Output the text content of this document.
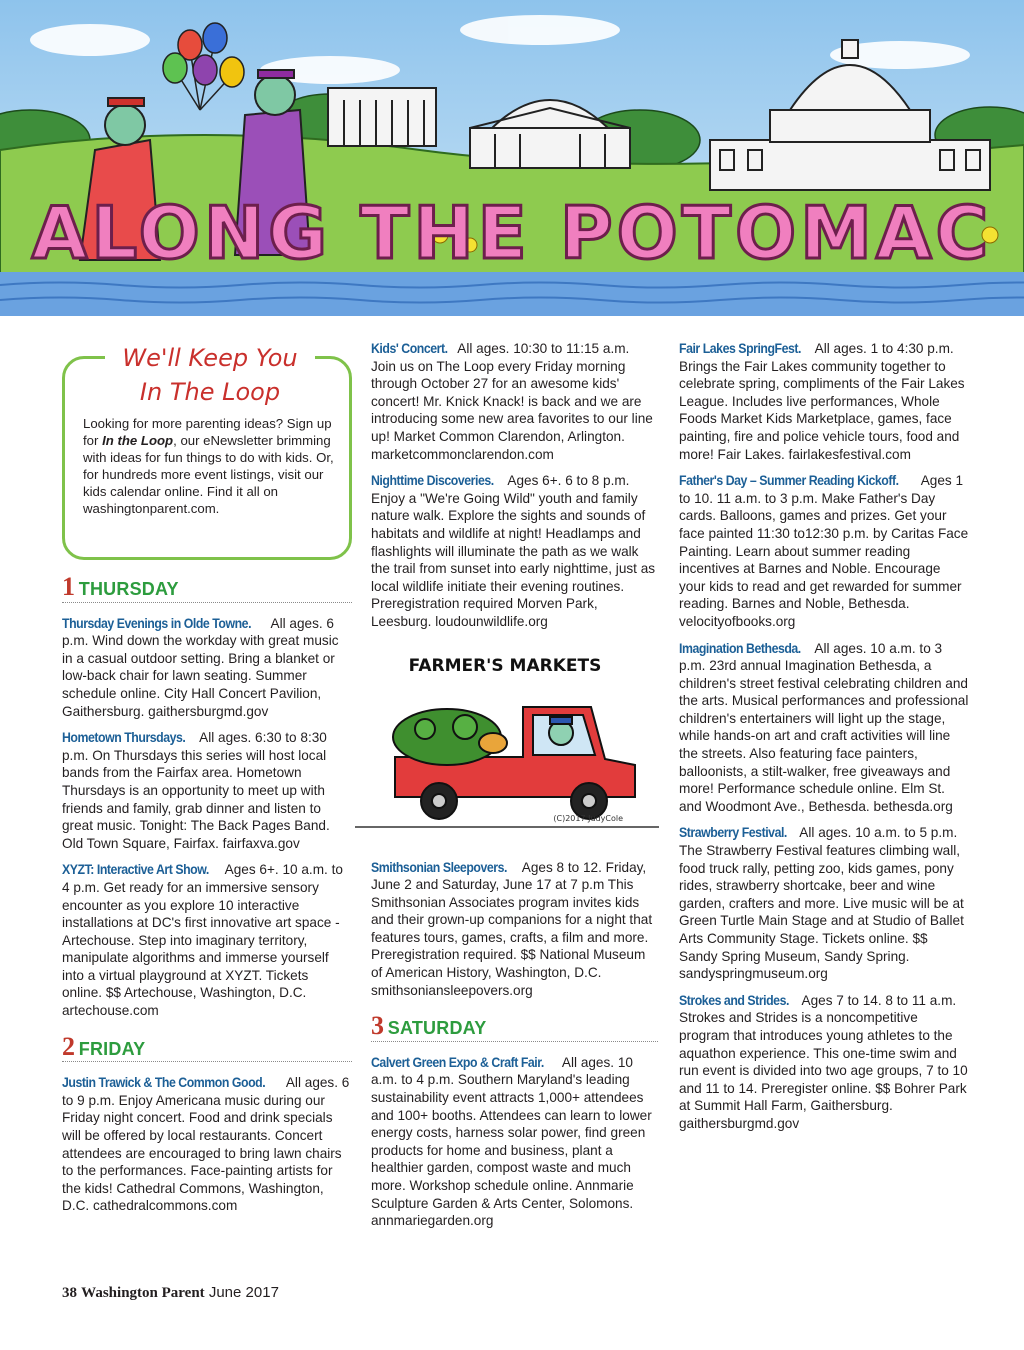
ALONG THE POTOMAC
We'll Keep You
In The Loop
Looking for more parenting ideas? Sign up for In the Loop, our eNewsletter brimming with ideas for fun things to do with kids. Or, for hundreds more event listings, visit our kids calendar online. Find it all on washingtonparent.com.
1 THURSDAY
Thursday Evenings in Olde Towne. All ages. 6 p.m. Wind down the workday with great music in a casual outdoor setting. Bring a blanket or low-back chair for lawn seating. Summer schedule online. City Hall Concert Pavilion, Gaithersburg. gaithersburgmd.gov
Hometown Thursdays. All ages. 6:30 to 8:30 p.m. On Thursdays this series will host local bands from the Fairfax area. Hometown Thursdays is an opportunity to meet up with friends and family, grab dinner and listen to great music. Tonight: The Back Pages Band. Old Town Square, Fairfax. fairfaxva.gov
XYZT: Interactive Art Show. Ages 6+. 10 a.m. to 4 p.m. Get ready for an immersive sensory encounter as you explore 10 interactive installations at DC's first innovative art space - Artechouse. Step into imaginary territory, manipulate algorithms and immerse yourself into a virtual playground at XYZT. Tickets online. $$ Artechouse, Washington, D.C. artechouse.com
2 FRIDAY
Justin Trawick & The Common Good. All ages. 6 to 9 p.m. Enjoy Americana music during our Friday night concert. Food and drink specials will be offered by local restaurants. Concert attendees are encouraged to bring lawn chairs to the performances. Face-painting artists for the kids! Cathedral Commons, Washington, D.C. cathedralcommons.com
Kids' Concert. All ages. 10:30 to 11:15 a.m. Join us on The Loop every Friday morning through October 27 for an awesome kids' concert! Mr. Knick Knack! is back and we are introducing some new area favorites to our line up! Market Common Clarendon, Arlington. marketcommonclarendon.com
Nighttime Discoveries. Ages 6+. 6 to 8 p.m. Enjoy a "We're Going Wild" youth and family nature walk. Explore the sights and sounds of habitats and wildlife at night! Headlamps and flashlights will illuminate the path as we walk the trail from sunset into early nighttime, just as local wildlife initiate their evening routines. Preregistration required Morven Park, Leesburg. loudounwildlife.org
FARMER'S MARKETS
(C)2017 JudyCole
Smithsonian Sleepovers. Ages 8 to 12. Friday, June 2 and Saturday, June 17 at 7 p.m This Smithsonian Associates program invites kids and their grown-up companions for a night that features tours, games, crafts, a film and more. Preregistration required. $$ National Museum of American History, Washington, D.C. smithsoniansleepovers.org
3 SATURDAY
Calvert Green Expo & Craft Fair. All ages. 10 a.m. to 4 p.m. Southern Maryland's leading sustainability event attracts 1,000+ attendees and 100+ booths. Attendees can learn to lower energy costs, harness solar power, find green products for home and business, plant a healthier garden, compost waste and much more. Workshop schedule online. Annmarie Sculpture Garden & Arts Center, Solomons. annmariegarden.org
Fair Lakes SpringFest. All ages. 1 to 4:30 p.m. Brings the Fair Lakes community together to celebrate spring, compliments of the Fair Lakes League. Includes live performances, Whole Foods Market Kids Marketplace, games, face painting, fire and police vehicle tours, food and more! Fair Lakes. fairlakesfestival.com
Father's Day – Summer Reading Kickoff. Ages 1 to 10. 11 a.m. to 3 p.m. Make Father's Day cards. Balloons, games and prizes. Get your face painted 11:30 to12:30 p.m. by Caritas Face Painting. Learn about summer reading incentives at Barnes and Noble. Encourage your kids to read and get rewarded for summer reading. Barnes and Noble, Bethesda. velocityofbooks.org
Imagination Bethesda. All ages. 10 a.m. to 3 p.m. 23rd annual Imagination Bethesda, a children's street festival celebrating children and the arts. Musical performances and professional children's entertainers will light up the stage, while hands-on art and craft activities will line the streets. Also featuring face painters, balloonists, a stilt-walker, free giveaways and more! Performance schedule online. Elm St. and Woodmont Ave., Bethesda. bethesda.org
Strawberry Festival. All ages. 10 a.m. to 5 p.m. The Strawberry Festival features climbing wall, food truck rally, petting zoo, kids games, pony rides, strawberry shortcake, beer and wine garden, crafters and more. Live music will be at Green Turtle Main Stage and at Studio of Ballet Arts Community Stage. Tickets online. $$ Sandy Spring Museum, Sandy Spring. sandyspringmuseum.org
Strokes and Strides. Ages 7 to 14. 8 to 11 a.m. Strokes and Strides is a noncompetitive program that introduces young athletes to the aquathon experience. This one-time swim and run event is divided into two age groups, 7 to 10 and 11 to 14. Preregister online. $$ Bohrer Park at Summit Hall Farm, Gaithersburg. gaithersburgmd.gov
38 Washington Parent June 2017
